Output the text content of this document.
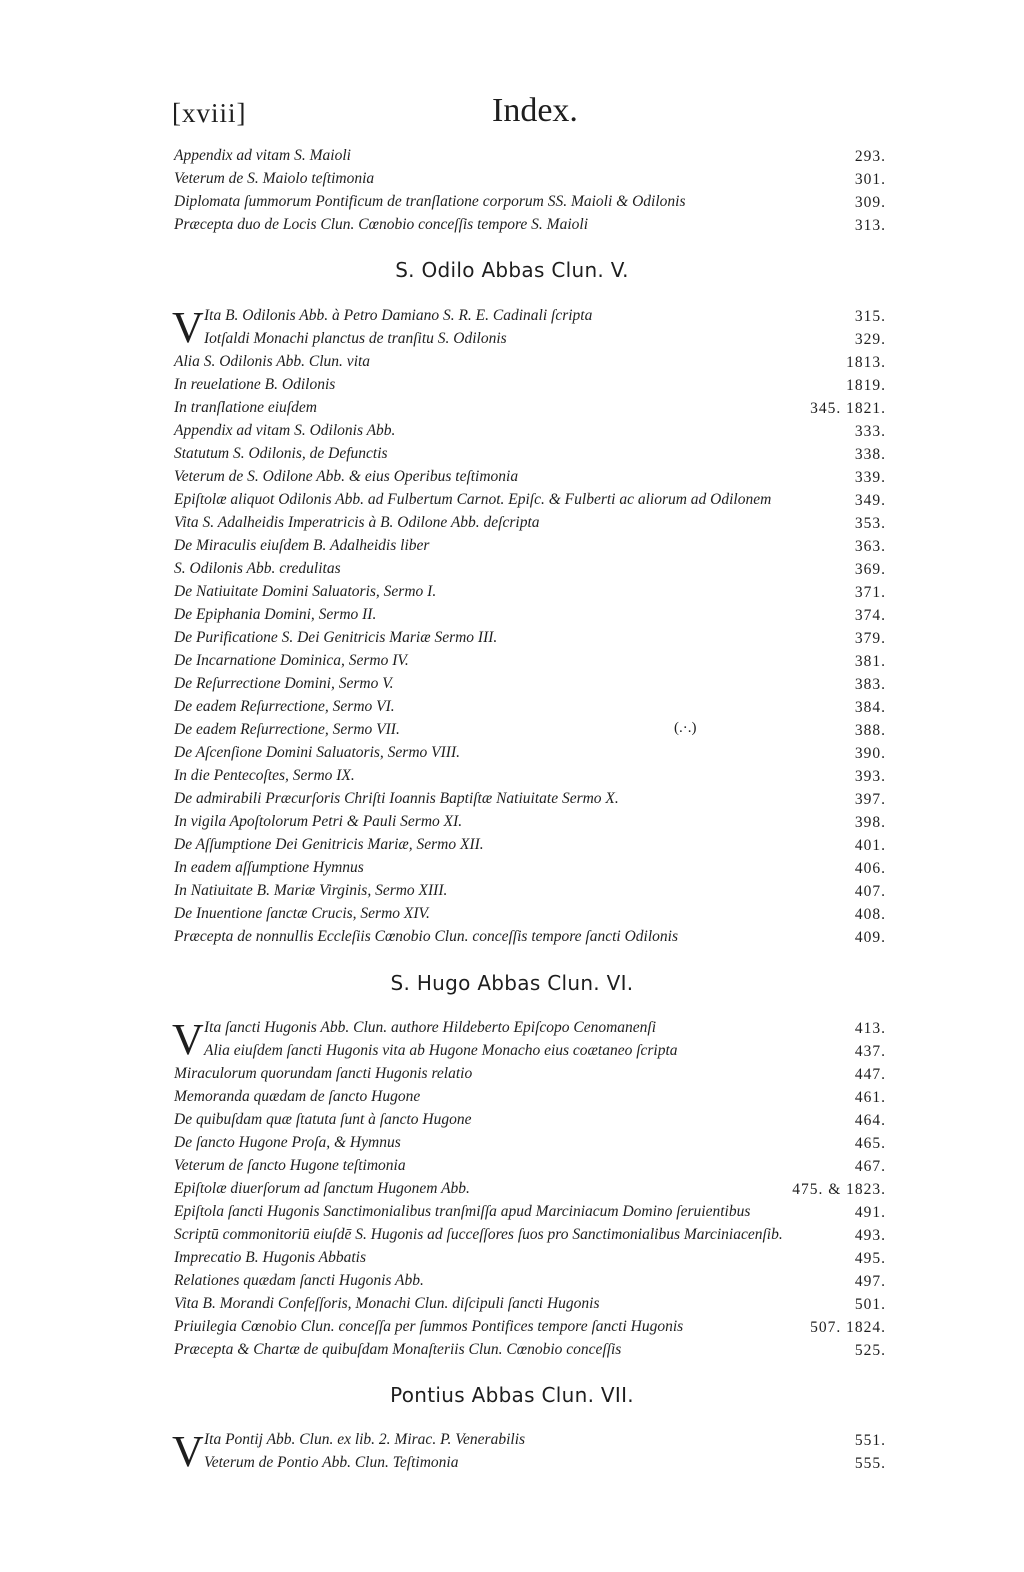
[xviii]	Index.
Appendix ad vitam S. Maioli	293.
Veterum de S. Maiolo teſtimonia	301.
Diplomata ſummorum Pontificum de tranſlatione corporum SS. Maioli & Odilonis	309.
Præcepta duo de Locis Clun. Cœnobio conceſſis tempore S. Maioli	313.
S. Odilo Abbas Clun. V.
V Ita B. Odilonis Abb. à Petro Damiano S. R. E. Cadinali ſcripta	315.
Iotſaldi Monachi planctus de tranſitu S. Odilonis	329.
Alia S. Odilonis Abb. Clun. vita	1813.
In reuelatione B. Odilonis	1819.
In tranſlatione eiuſdem	345. 1821.
Appendix ad vitam S. Odilonis Abb.	333.
Statutum S. Odilonis, de Defunctis	338.
Veterum de S. Odilone Abb. & eius Operibus teſtimonia	339.
Epiſtolæ aliquot Odilonis Abb. ad Fulbertum Carnot. Epiſc. & Fulberti ac aliorum ad Odilonem	349.
Vita S. Adalheidis Imperatricis à B. Odilone Abb. deſcripta	353.
De Miraculis eiuſdem B. Adalheidis liber	363.
S. Odilonis Abb. credulitas	369.
De Natiuitate Domini Saluatoris, Sermo I.	371.
De Epiphania Domini, Sermo II.	374.
De Purificatione S. Dei Genitricis Mariæ Sermo III.	379.
De Incarnatione Dominica, Sermo IV.	381.
De Reſurrectione Domini, Sermo V.	383.
De eadem Reſurrectione, Sermo VI.	384.
De eadem Reſurrectione, Sermo VII.	388.
(.·.)
De Aſcenſione Domini Saluatoris, Sermo VIII.	390.
In die Pentecoſtes, Sermo IX.	393.
De admirabili Præcurſoris Chriſti Ioannis Baptiſtæ Natiuitate Sermo X.	397.
In vigila Apoſtolorum Petri & Pauli Sermo XI.	398.
De Aſſumptione Dei Genitricis Mariæ, Sermo XII.	401.
In eadem aſſumptione Hymnus	406.
In Natiuitate B. Mariæ Virginis, Sermo XIII.	407.
De Inuentione ſanctæ Crucis, Sermo XIV.	408.
Præcepta de nonnullis Eccleſiis Cœnobio Clun. conceſſis tempore ſancti Odilonis	409.
S. Hugo Abbas Clun. VI.
V Ita ſancti Hugonis Abb. Clun. authore Hildeberto Epiſcopo Cenomanenſi	413.
Alia eiuſdem ſancti Hugonis vita ab Hugone Monacho eius coætaneo ſcripta	437.
Miraculorum quorundam ſancti Hugonis relatio	447.
Memoranda quædam de ſancto Hugone	461.
De quibuſdam quæ ſtatuta ſunt à ſancto Hugone	464.
De ſancto Hugone Proſa, & Hymnus	465.
Veterum de ſancto Hugone teſtimonia	467.
Epiſtolæ diuerſorum ad ſanctum Hugonem Abb.	475. & 1823.
Epiſtola ſancti Hugonis Sanctimonialibus tranſmiſſa apud Marciniacum Domino ſeruientibus	491.
Scriptū commonitoriū eiuſdē S. Hugonis ad ſucceſſores ſuos pro Sanctimonialibus Marciniacenſib.	493.
Imprecatio B. Hugonis Abbatis	495.
Relationes quædam ſancti Hugonis Abb.	497.
Vita B. Morandi Confeſſoris, Monachi Clun. diſcipuli ſancti Hugonis	501.
Priuilegia Cœnobio Clun. conceſſa per ſummos Pontifices tempore ſancti Hugonis	507. 1824.
Præcepta & Chartæ de quibuſdam Monaſteriis Clun. Cœnobio conceſſis	525.
Pontius Abbas Clun. VII.
V Ita Pontij Abb. Clun. ex lib. 2. Mirac. P. Venerabilis	551.
Veterum de Pontio Abb. Clun. Teſtimonia	555.
